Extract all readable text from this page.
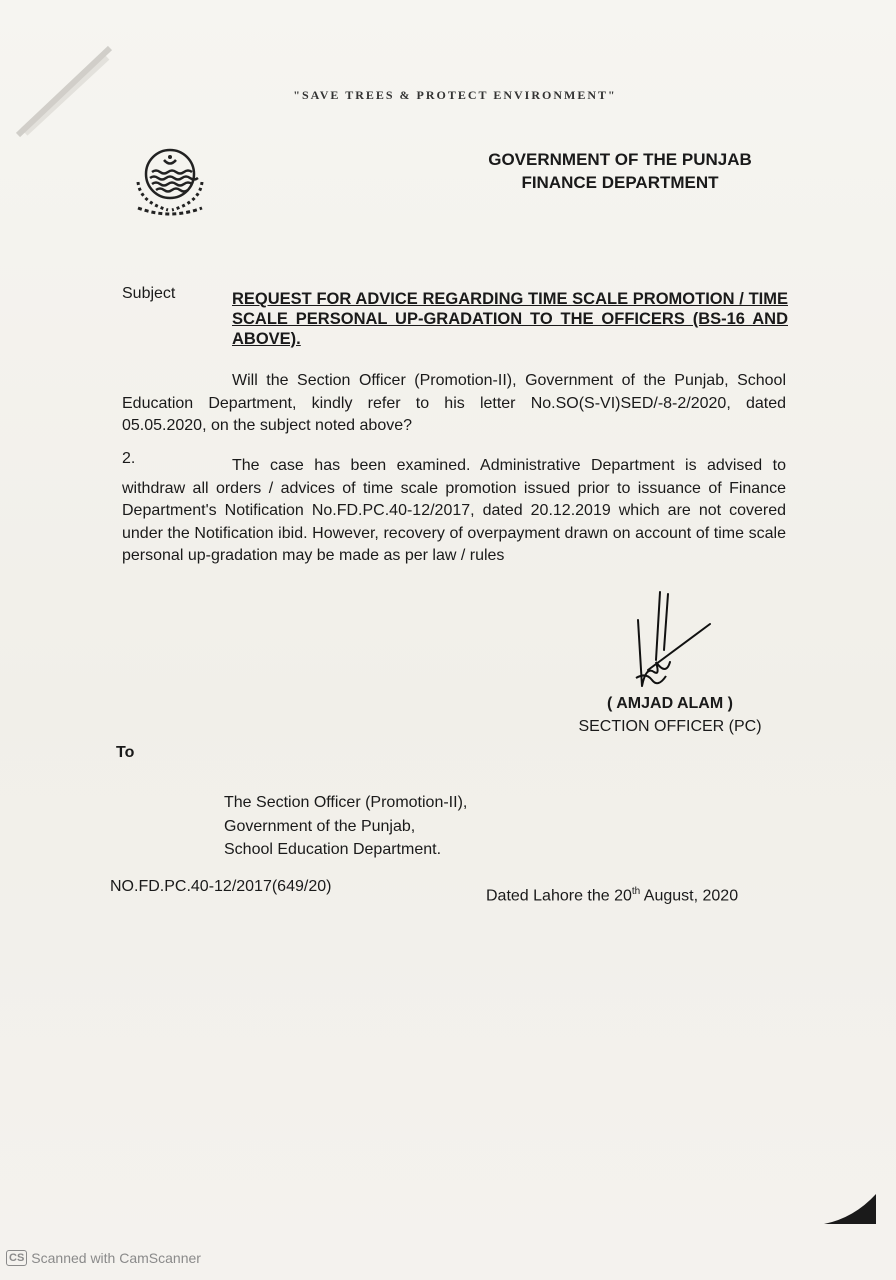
"SAVE TREES & PROTECT ENVIRONMENT"
GOVERNMENT OF THE PUNJAB
FINANCE DEPARTMENT
Subject	REQUEST FOR ADVICE REGARDING TIME SCALE PROMOTION / TIME SCALE PERSONAL UP-GRADATION TO THE OFFICERS (BS-16 AND ABOVE).
Will the Section Officer (Promotion-II), Government of the Punjab, School Education Department, kindly refer to his letter No.SO(S-VI)SED/-8-2/2020, dated 05.05.2020, on the subject noted above?
2.	The case has been examined. Administrative Department is advised to withdraw all orders / advices of time scale promotion issued prior to issuance of Finance Department's Notification No.FD.PC.40-12/2017, dated 20.12.2019 which are not covered under the Notification ibid. However, recovery of overpayment drawn on account of time scale personal up-gradation may be made as per law / rules
( AMJAD ALAM )
SECTION OFFICER (PC)
To
The Section Officer (Promotion-II),
Government of the Punjab,
School Education Department.
NO.FD.PC.40-12/2017(649/20)
Dated Lahore the 20th August, 2020
CS Scanned with CamScanner
